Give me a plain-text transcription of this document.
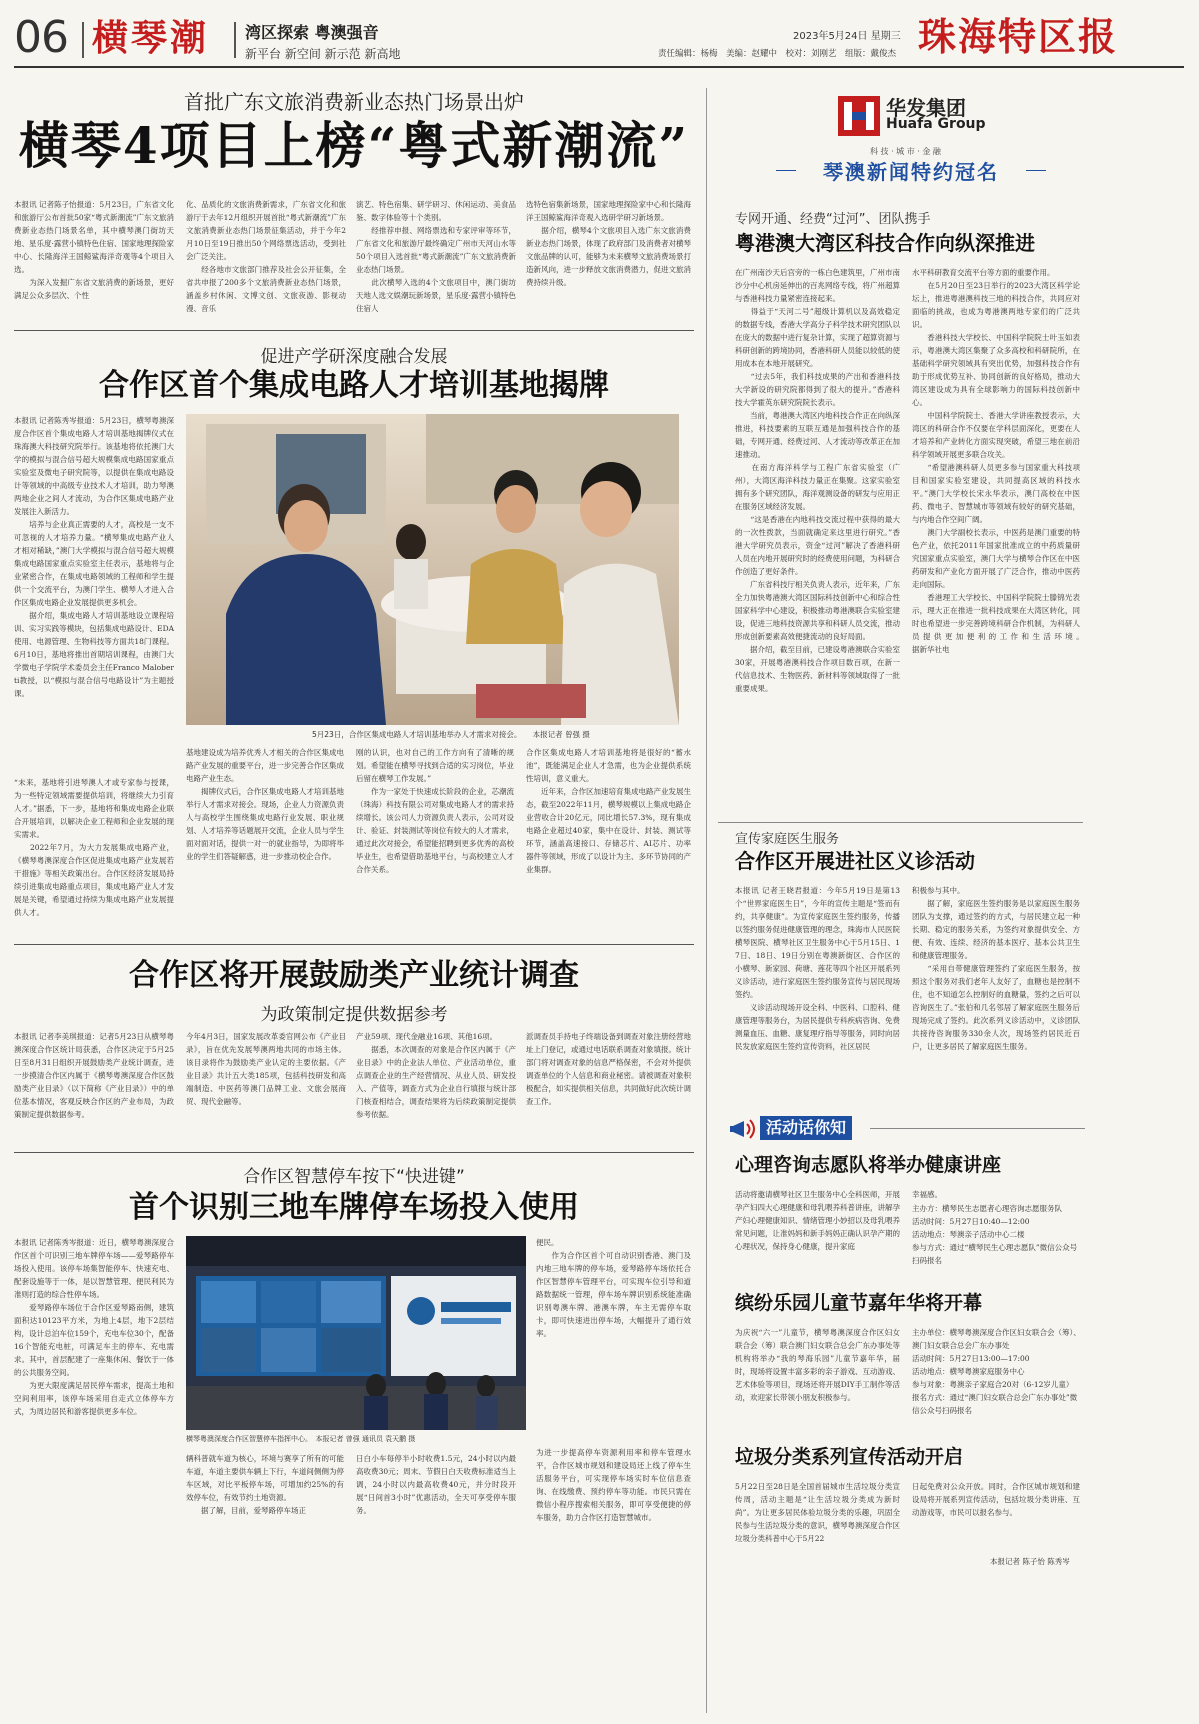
06 横琴潮 湾区探索 粤澳强音
新平台 新空间 新示范 新高地
2023年5月24日 星期三
责任编辑：杨梅　美编：赵耀中　校对：刘刚艺　组版：戴俊杰 珠海特区报
首批广东文旅消费新业态热门场景出炉
横琴4项目上榜“粤式新潮流”
本报讯 记者陈子怡报道：5月23日，广东省文化和旅游厅公布首批50家“粤式新潮流”广东文旅消费新业态热门场景名单，其中横琴澳门街坊天地、星乐度·露营小镇特色住宿、国家地理探险家中心、长隆海洋王国鲸鲨海洋奇观等4个项目入选。
　　为深入发掘广东省文旅消费的新场景，更好满足公众多层次、个性
化、品质化的文旅消费新需求，广东省文化和旅游厅于去年12月组织开展首批“粤式新潮流”广东文旅消费新业态热门场景征集活动，并于今年2月10日至19日推出50个网络票选活动，受到社会广泛关注。
　　经各地市文旅部门推荐及社会公开征集，全省共申报了200多个文旅消费新业态热门场景，涵盖乡村休闲、文博文创、文旅夜游、影视动漫、音乐
演艺、特色宿集、研学研习、休闲运动、美食品鉴、数字体验等十个类别。
　　经推荐申报、网络票选和专家评审等环节，广东省文化和旅游厅最终确定广州市天河山水等50个项目入选首批“粤式新潮流”广东文旅消费新业态热门场景。
　　此次横琴入选的4个文旅项目中，澳门街坊天地人选文娱潮玩新场景，星乐度·露营小镇特色住宿人
选特色宿集新场景，国家地理探险家中心和长隆海洋王国鲸鲨海洋奇观入选研学研习新场景。
　　据介绍，横琴4个文旅项目入选广东文旅消费新业态热门场景，体现了政府部门及消费者对横琴文旅品牌的认可，能够为未来横琴文旅消费场景打造新风向，进一步释放文旅消费潜力，促进文旅消费持续升级。
促进产学研深度融合发展
合作区首个集成电路人才培训基地揭牌
本报讯 记者陈秀岑报道：5月23日，横琴粤澳深度合作区首个集成电路人才培训基地揭牌仪式在珠海澳大科技研究院举行。该基地将依托澳门大学的模拟与混合信号超大规模集成电路国家重点实验室及微电子研究院等，以提供在集成电路设计等领域的中高级专业技术人才培训，助力琴澳两地企业之间人才流动，为合作区集成电路产业发展注入新活力。
　　培养与企业真正需要的人才，高校是一支不可忽视的人才培养力量。“横琴集成电路产业人才相对稀缺，”澳门大学模拟与混合信号超大规模集成电路国家重点实验室主任表示，基地将与企业紧密合作，在集成电路领域的工程师和学生提供一个交流平台，为澳门学生、横琴人才进入合作区集成电路企业发展提供更多机会。
　　据介绍，集成电路人才培训基地设立课程培训、实习实践等模块，包括集成电路设计、EDA使用、电源管理、生物科技等方面共18门课程。6月10日，基地将推出首期培训课程，由澳门大学微电子学院学术委员会主任Franco Maloberti教授，以“模拟与混合信号电路设计”为主题授课。
5月23日，合作区集成电路人才培训基地举办人才需求对接会。　　本报记者 曾强 摄
“未来，基地将引进琴澳人才或专家参与授课，为一些特定领域需要提供培训，将继续大力引育人才。”据悉，下一步，基地将和集成电路企业联合开展培训，以解决企业工程师和企业发展的现实需求。
　　2022年7月，为大力发展集成电路产业，《横琴粤澳深度合作区促进集成电路产业发展若干措施》等相关政策出台。合作区经济发展局持续引进集成电路重点项目，集成电路产业人才发展是关键，希望通过持续为集成电路产业发展提供人才。
基地建设成为培养优秀人才相关的合作区集成电路产业发展的重要平台，进一步完善合作区集成电路产业生态。
　　揭牌仪式后，合作区集成电路人才培训基地举行人才需求对接会。现场，企业人力资源负责人与高校学生围绕集成电路行业发展、职业规划、人才培养等话题展开交流，企业人员与学生面对面对话，提供一对一的就业指导，为即将毕业的学生们答疑解惑，进一步推动校企合作。
刚的认识，也对自己的工作方向有了清晰的规划。希望能在横琴寻找到合适的实习岗位，毕业后留在横琴工作发展。”
　　作为一家处于快速成长阶段的企业，芯潮流（珠海）科技有限公司对集成电路人才的需求持续增长。该公司人力资源负责人表示，公司对设计、验证、封装测试等岗位有较大的人才需求，通过此次对接会，希望能招聘到更多优秀的高校毕业生，也希望借助基地平台，与高校建立人才合作关系。
合作区集成电路人才培训基地将是很好的“蓄水池”，既能满足企业人才急需，也为企业提供系统性培训，意义重大。
　　近年来，合作区加速培育集成电路产业发展生态，截至2022年11月，横琴规模以上集成电路企业营收合计20亿元，同比增长57.3%，现有集成电路企业超过40家，集中在设计、封装、测试等环节，涵盖高速接口、存储芯片、AI芯片、功率器件等领域，形成了以设计为主、多环节协同的产业集群。
合作区将开展鼓励类产业统计调查
为政策制定提供数据参考
本报讯 记者李美琪报道：记者5月23日从横琴粤澳深度合作区统计局获悉，合作区决定于5月25日至8月31日组织开展鼓励类产业统计调查，进一步摸清合作区内属于《横琴粤澳深度合作区鼓励类产业目录》（以下简称《产业目录》）中的单位基本情况，客观反映合作区的产业布局，为政策制定提供数据参考。
今年4月3日，国家发展改革委官网公布《产业目录》，旨在优先发展琴澳两地共同的市场主体。该目录将作为鼓励类产业认定的主要依据。《产业目录》共计五大类185项，包括科技研发和高端制造、中医药等澳门品牌工业、文旅会展商贸、现代金融等。
产业59项、现代金融业16项、其他16项。
　　据悉，本次调查的对象是合作区内属于《产业目录》中的企业法人单位、产业活动单位，重点调查企业的生产经营情况、从业人员、研发投入、产值等，调查方式为企业自行填报与统计部门核查相结合，调查结果将为后续政策制定提供参考依据。
派调查员手持电子终端设备到调查对象注册经营地址上门登记，或通过电话联系调查对象填报。统计部门将对调查对象的信息严格保密，不会对外提供调查单位的个人信息和商业秘密。请被调查对象积极配合，如实提供相关信息，共同做好此次统计调查工作。
合作区智慧停车按下“快进键”
首个识别三地车牌停车场投入使用
本报讯 记者陈秀岑报道：近日，横琴粤澳深度合作区首个可识别三地车牌停车场——爱琴路停车场投入使用。该停车场集智能停车、快速充电、配套设施等于一体，是以智慧管理、便民利民为准则打造的综合性停车场。
　　爱琴路停车场位于合作区爱琴路南侧，建筑面积达10123平方米，为地上4层，地下2层结构，设计总泊车位159个，充电车位30个，配备16个智能充电桩，可满足车主的停车、充电需求。其中，首层配建了一座集休闲、餐饮于一体的公共服务空间。
　　为更大限度满足居民停车需求，提高土地和空间利用率，该停车场采用自走式立体停车方式，为周边居民和游客提供更多车位。
横琴粤澳深度合作区智慧停车指挥中心。　本报记者 曾强 通讯员 袁天鹏 摄
辆科普就车道为核心，坏境与赛享了所有的可能车道，车道主要供车辆上下行，车道间侧侧为停车区域，对比平板停车场，可增加约25%的有效停车位，有效节约土地资源。
　　据了解，目前，爱琴路停车场正
日白小车每停半小时收费1.5元，24小时以内最高收费30元；周末、节假日白天收费标准适当上调，24小时以内最高收费40元，并分时段开展“日间首3小时”优惠活动，全天可享受停车服务。
便民。
　　作为合作区首个可自动识别香港、澳门及内地三地车牌的停车场，爱琴路停车场依托合作区智慧停车管理平台，可实现车位引导和道路数据统一管理，停车场车牌识别系统能准确识别粤澳车牌、港澳车牌，车主无需停车取卡，即可快速进出停车场，大幅提升了通行效率。
为进一步提高停车资源利用率和停车管理水平，合作区城市规划和建设局还上线了停车生活服务平台，可实现停车场实时车位信息查询、在线缴费、预约停车等功能。市民只需在微信小程序搜索相关服务，即可享受便捷的停车服务，助力合作区打造智慧城市。
华发集团
Huafa Group
科 技 · 城 市 · 金 融
琴澳新闻特约冠名
专网开通、经费“过河”、团队携手
粤港澳大湾区科技合作向纵深推进
在广州南沙天后宫旁的一栋白色建筑里，广州市南沙分中心机房延伸出的百兆网络专线，将广州超算与香港科技力量紧密连接起来。
　　得益于“天河二号”超级计算机以及高效稳定的数据专线，香港大学高分子科学技术研究团队以在庞大的数据中进行复杂计算，实现了超算资源与科研创新的跨境协同，香港科研人员能以较低的使用成本在本地开展研究。
　　“过去5年，我们科技成果的产出和香港科技大学新设的研究院都得到了很大的提升。”香港科技大学霍英东研究院院长表示。
　　当前，粤港澳大湾区内地科技合作正在向纵深推进，科技要素的互联互通是加强科技合作的基础，专网开通、经费过河、人才流动等改革正在加速推动。
　　在南方海洋科学与工程广东省实验室（广州），大湾区海洋科技力量正在集聚。这家实验室拥有多个研究团队，海洋观测设备的研发与应用正在服务区域经济发展。
　　“这是香港在内地科技交流过程中获得的最大的一次性拨款，当面就确定来这里进行研究。”香港大学研究员表示，资金“过河”解决了香港科研人员在内地开展研究时的经费使用问题，为科研合作创造了更好条件。
　　广东省科技厅相关负责人表示，近年来，广东全力加快粤港澳大湾区国际科技创新中心和综合性国家科学中心建设，积极推动粤港澳联合实验室建设，促进三地科技资源共享和科研人员交流，推动形成创新要素高效便捷流动的良好局面。
　　据介绍，截至目前，已建设粤港澳联合实验室30家，开展粤港澳科技合作项目数百项，在新一代信息技术、生物医药、新材料等领域取得了一批重要成果。
水平科研教育交流平台等方面的重要作用。
　　在5月20日至23日举行的2023大湾区科学论坛上，推进粤港澳科技三地的科技合作，共同应对面临的挑战，也成为粤港澳两地专家们的广泛共识。
　　香港科技大学校长、中国科学院院士叶玉如表示，粤港澳大湾区集聚了众多高校和科研院所，在基础科学研究领域具有突出优势，加强科技合作有助于形成优势互补、协同创新的良好格局，推动大湾区建设成为具有全球影响力的国际科技创新中心。
　　中国科学院院士、香港大学讲座教授表示，大湾区的科研合作不仅要在学科层面深化，更要在人才培养和产业转化方面实现突破，希望三地在前沿科学领域开展更多联合攻关。
　　“希望港澳科研人员更多参与国家重大科技项目和国家实验室建设，共同提高区域的科技水平。”澳门大学校长宋永华表示，澳门高校在中医药、微电子、智慧城市等领域有较好的研究基础，与内地合作空间广阔。
　　澳门大学副校长表示，中医药是澳门重要的特色产业，依托2011年国家批准成立的中药质量研究国家重点实验室，澳门大学与横琴合作区在中医药研发和产业化方面开展了广泛合作，推动中医药走向国际。
　　香港理工大学校长、中国科学院院士滕锦光表示，理大正在推进一批科技成果在大湾区转化，同时也希望进一步完善跨境科研合作机制，为科研人员提供更加便利的工作和生活环境。　　　　　　　据新华社电
宣传家庭医生服务
合作区开展进社区义诊活动
本报讯 记者王晓君报道：今年5月19日是第13个“世界家庭医生日”，今年的宣传主题是“签而有约，共享健康”。为宣传家庭医生签约服务，传播以签约服务促进健康管理的理念，珠海市人民医院横琴医院、横琴社区卫生服务中心于5月15日、17日、18日、19日分别在粤澳新街区、合作区的小横琴、新家园、荷塘、莲花等四个社区开展系列义诊活动，进行家庭医生签约服务宣传与居民现场签约。
　　义诊活动现场开设全科、中医科、口腔科、健康管理等服务台，为居民提供专科疾病咨询、免费测量血压、血糖、康复理疗指导等服务，同时向居民发放家庭医生签约宣传资料，社区居民
积极参与其中。
　　据了解，家庭医生签约服务是以家庭医生服务团队为支撑，通过签约的方式，与居民建立起一种长期、稳定的服务关系，为签约对象提供安全、方便、有效、连续、经济的基本医疗、基本公共卫生和健康管理服务。
　　“采用自带健康管理签约了家庭医生服务，按照这个服务对我们老年人友好了，血糖也是控制不住，也不知道怎么控制好的血糖量，签约之后可以咨询医生了。”张伯和几名邻居了解家庭医生服务后现场完成了签约。此次系列义诊活动中，义诊团队共接待咨询服务330余人次，现场签约居民近百户，让更多居民了解家庭医生服务。
活动话你知
心理咨询志愿队将举办健康讲座
活动将邀请横琴社区卫生服务中心全科医师，开展孕产妇四大心理健康和母乳喂养科普讲座，讲解孕产妇心理健康知识、情绪管理小妙招以及母乳喂养常见问题，让准妈妈和新手妈妈正确认识孕产期的心理状况，保持身心健康，提升家庭
幸福感。
主办方：横琴民生志愿者心理咨询志愿服务队
活动时间：5月27日10:40—12:00
活动地点：琴澳亲子活动中心二楼
参与方式：通过“横琴民生心理志愿队”微信公众号扫码报名
缤纷乐园儿童节嘉年华将开幕
为庆祝“六一”儿童节，横琴粤澳深度合作区妇女联合会（筹）联合澳门妇女联合总会广东办事处等机构将举办“我的琴海乐园”儿童节嘉年华，届时，现场将设置丰富多彩的亲子游戏、互动游戏、艺术体验等项目，现场还将开展DIY手工制作等活动，欢迎家长带领小朋友积极参与。
主办单位：横琴粤澳深度合作区妇女联合会（筹）、澳门妇女联合总会广东办事处
活动时间：5月27日13:00—17:00
活动地点：横琴粤澳家庭服务中心
参与对象：粤澳亲子家庭合20对（6-12岁儿童）
报名方式：通过“澳门妇女联合总会广东办事处”微信公众号扫码报名
垃圾分类系列宣传活动开启
5月22日至28日是全国首届城市生活垃圾分类宣传周，活动主题是“让生活垃圾分类成为新时尚”。为让更多居民体验垃圾分类的乐趣，巩固全民参与生活垃圾分类的意识，横琴粤澳深度合作区垃圾分类科普中心于5月22
日起免费对公众开放。同时，合作区城市规划和建设局将开展系列宣传活动，包括垃圾分类讲座、互动游戏等，市民可以报名参与。
本报记者 陈子怡 陈秀岑
